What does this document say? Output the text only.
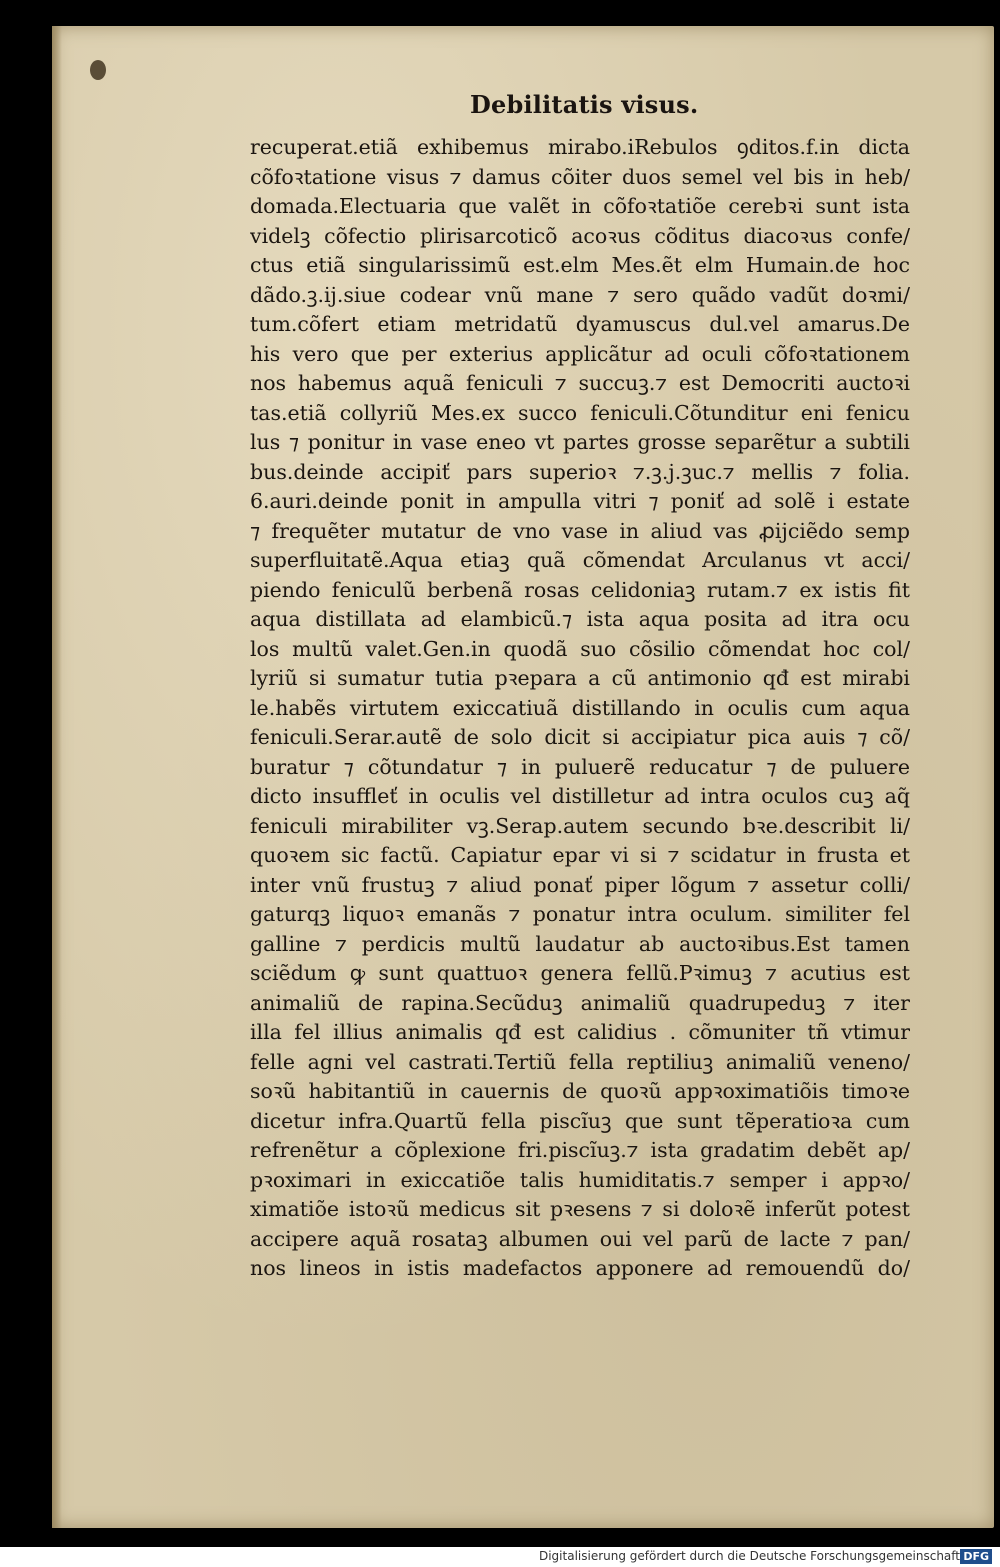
Debilitatis visus.
recuperat.etiã exhibemus mirabo.iRebulos ꝯditos.f.in dicta
cõfoꝛtatione visus ⁊ damus cõiter duos semel vel bis in heb/
domada.Electuaria que valẽt in cõfoꝛtatiõe cerebꝛi sunt ista
videlꝫ cõfectio plirisarcoticõ acoꝛus cõditus diacoꝛus confe/
ctus etiã singularissimũ est.elm Mes.ẽt elm Humain.de hoc
dãdo.ꝫ.ij.siue codear vnũ mane ⁊ sero quãdo vadũt doꝛmi/
tum.cõfert etiam metridatũ dyamuscus dul.vel amarus.De
his vero que per exterius applicãtur ad oculi cõfoꝛtationem
nos habemus aquã feniculi ⁊ succuꝫ.⁊ est Democriti auctoꝛi
tas.etiã collyriũ Mes.ex succo feniculi.Cõtunditur eni fenicu
lus ⁊ ponitur in vase eneo vt partes grosse separẽtur a subtili
bus.deinde accipiť pars superioꝛ ⁊.ꝫ.j.ꝫuc.⁊ mellis ⁊ folia.
6.auri.deinde ponit in ampulla vitri ⁊ poniť ad solẽ i estate
⁊ frequẽter mutatur de vno vase in aliud vas ꝓijciẽdo semp
superfluitatẽ.Aqua etiaꝫ quã cõmendat Arculanus vt acci/
piendo feniculũ berbenã rosas celidoniaꝫ rutam.⁊ ex istis fit
aqua distillata ad elambicũ.⁊ ista aqua posita ad itra ocu
los multũ valet.Gen.in quodã suo cõsilio cõmendat hoc col/
lyriũ si sumatur tutia pꝛepara a cũ antimonio qđ est mirabi
le.habẽs virtutem exiccatiuã distillando in oculis cum aqua
feniculi.Serar.autẽ de solo dicit si accipiatur pica auis ⁊ cõ/
buratur ⁊ cõtundatur ⁊ in puluerẽ reducatur ⁊ de puluere
dicto insuffleť in oculis vel distilletur ad intra oculos cuꝫ aq̃
feniculi mirabiliter vꝫ.Serap.autem secundo bꝛe.describit li/
quoꝛem sic factũ. Capiatur epar vi si ⁊ scidatur in frusta et
inter vnũ frustuꝫ ⁊ aliud ponať piper lõgum ⁊ assetur colli/
gaturqꝫ liquoꝛ emanãs ⁊ ponatur intra oculum. similiter fel
galline ⁊ perdicis multũ laudatur ab auctoꝛibus.Est tamen
sciẽdum ꝙ sunt quattuoꝛ genera fellũ.Pꝛimuꝫ ⁊ acutius est
animaliũ de rapina.Secũduꝫ animaliũ quadrupeduꝫ ⁊ iter
illa fel illius animalis qđ est calidius . cõmuniter tñ vtimur
felle agni vel castrati.Tertiũ fella reptiliuꝫ animaliũ veneno/
soꝛũ habitantiũ in cauernis de quoꝛũ appꝛoximatiõis timoꝛe
dicetur infra.Quartũ fella piscĩuꝫ que sunt tẽperatioꝛa cum
refrenẽtur a cõplexione fri.piscĩuꝫ.⁊ ista gradatim debẽt ap/
pꝛoximari in exiccatiõe talis humiditatis.⁊ semper i appꝛo/
ximatiõe istoꝛũ medicus sit pꝛesens ⁊ si doloꝛẽ inferũt potest
accipere aquã rosataꝫ albumen oui vel parũ de lacte ⁊ pan/
nos lineos in istis madefactos apponere ad remouendũ do/
Digitalisierung gefördert durch die Deutsche Forschungsgemeinschaft DFG
